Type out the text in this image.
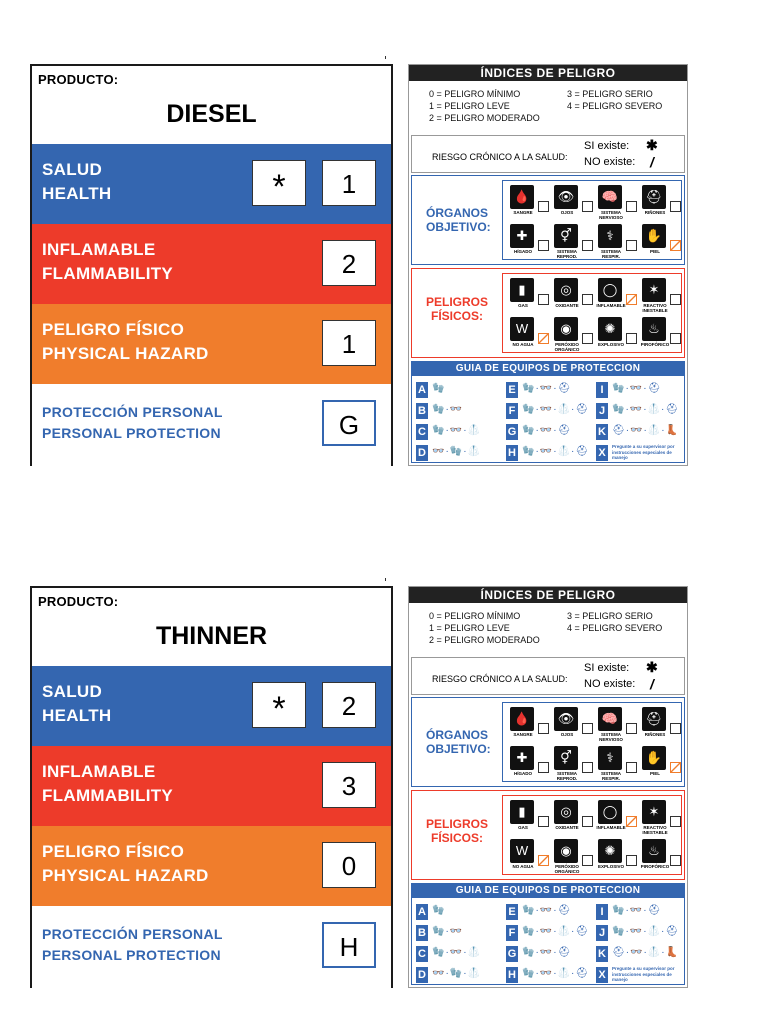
PRODUCTO:
DIESEL
SALUD
HEALTH	*	1
INFLAMABLE
FLAMMABILITY	2
PELIGRO FÍSICO
PHYSICAL HAZARD	1
PROTECCIÓN PERSONAL
PERSONAL PROTECTION	G
ÍNDICES DE PELIGRO
0 = PELIGRO MÍNIMO
1 = PELIGRO LEVE
2 = PELIGRO MODERADO
3 = PELIGRO SERIO
4 = PELIGRO SEVERO
RIESGO CRÓNICO A LA SALUD:
SI existe: ✱
NO existe: /
ÓRGANOS
OBJETIVO:
🩸
SANGRE
👁
OJOS
🧠
SISTEMA NERVIOSO
⛑
RIÑONES
✚
HÍGADO
⚥
SISTEMA REPROD.
⚕
SISTEMA RESPIR.
✋
PIEL
PELIGROS
FÍSICOS:
▮
GAS
◎
OXIDANTE
◯
INFLAMABLE
✶
REACTIVO INESTABLE
W
NO AGUA
◉
PERÓXIDO ORGÁNICO
✺
EXPLOSIVO
♨
PIROFÓRICO
GUIA DE EQUIPOS DE PROTECCION
A 🧤	E 🧤·👓·⛑	I 🧤·👓·⛑
B 🧤·👓	F 🧤·👓·🥼·⛑ J 🧤·👓·🥼·⛑
C 🧤·👓·🥼 G 🧤·👓·⛑ K ⛑·👓·🥼·👢
D 👓·🧤·🥼 H 🧤·👓·🥼·⛑ X
Pregunte a su supervisor por instrucciones especiales de manejo
PRODUCTO:
THINNER
SALUD
HEALTH	*	2
INFLAMABLE
FLAMMABILITY	3
PELIGRO FÍSICO
PHYSICAL HAZARD	0
PROTECCIÓN PERSONAL
PERSONAL PROTECTION	H
ÍNDICES DE PELIGRO
0 = PELIGRO MÍNIMO
1 = PELIGRO LEVE
2 = PELIGRO MODERADO
3 = PELIGRO SERIO
4 = PELIGRO SEVERO
RIESGO CRÓNICO A LA SALUD:
SI existe: ✱
NO existe: /
ÓRGANOS
OBJETIVO:
🩸
SANGRE
👁
OJOS
🧠
SISTEMA NERVIOSO
⛑
RIÑONES
✚
HÍGADO
⚥
SISTEMA REPROD.
⚕
SISTEMA RESPIR.
✋
PIEL
PELIGROS
FÍSICOS:
▮
GAS
◎
OXIDANTE
◯
INFLAMABLE
✶
REACTIVO INESTABLE
W
NO AGUA
◉
PERÓXIDO ORGÁNICO
✺
EXPLOSIVO
♨
PIROFÓRICO
GUIA DE EQUIPOS DE PROTECCION
A 🧤	E 🧤·👓·⛑	I 🧤·👓·⛑
B 🧤·👓	F 🧤·👓·🥼·⛑ J 🧤·👓·🥼·⛑
C 🧤·👓·🥼 G 🧤·👓·⛑ K ⛑·👓·🥼·👢
D 👓·🧤·🥼 H 🧤·👓·🥼·⛑ X
Pregunte a su supervisor por instrucciones especiales de manejo
